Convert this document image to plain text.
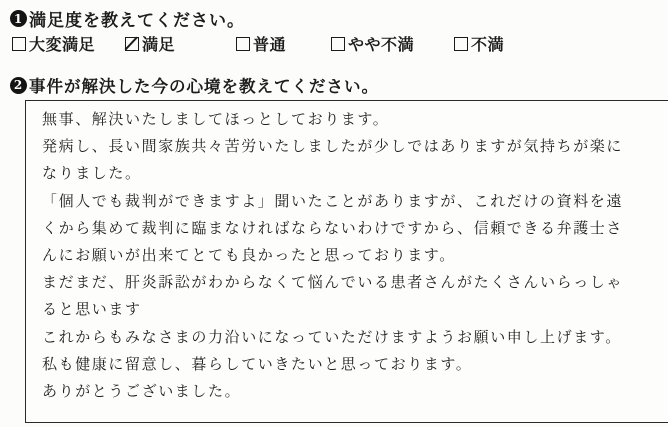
1 満足度を教えてください。
大変満足	満足	普通	やや不満	不満
2 事件が解決した今の心境を教えてください。
無事、解決いたしましてほっとしております。
発病し、長い間家族共々苦労いたしましたが少しではありますが気持ちが楽に
なりました。
「個人でも裁判ができますよ」聞いたことがありますが、これだけの資料を遠
くから集めて裁判に臨まなければならないわけですから、信頼できる弁護士さ
んにお願いが出来てとても良かったと思っております。
まだまだ、肝炎訴訟がわからなくて悩んでいる患者さんがたくさんいらっしゃ
ると思います
これからもみなさまの力沿いになっていただけますようお願い申し上げます。
私も健康に留意し、暮らしていきたいと思っております。
ありがとうございました。
